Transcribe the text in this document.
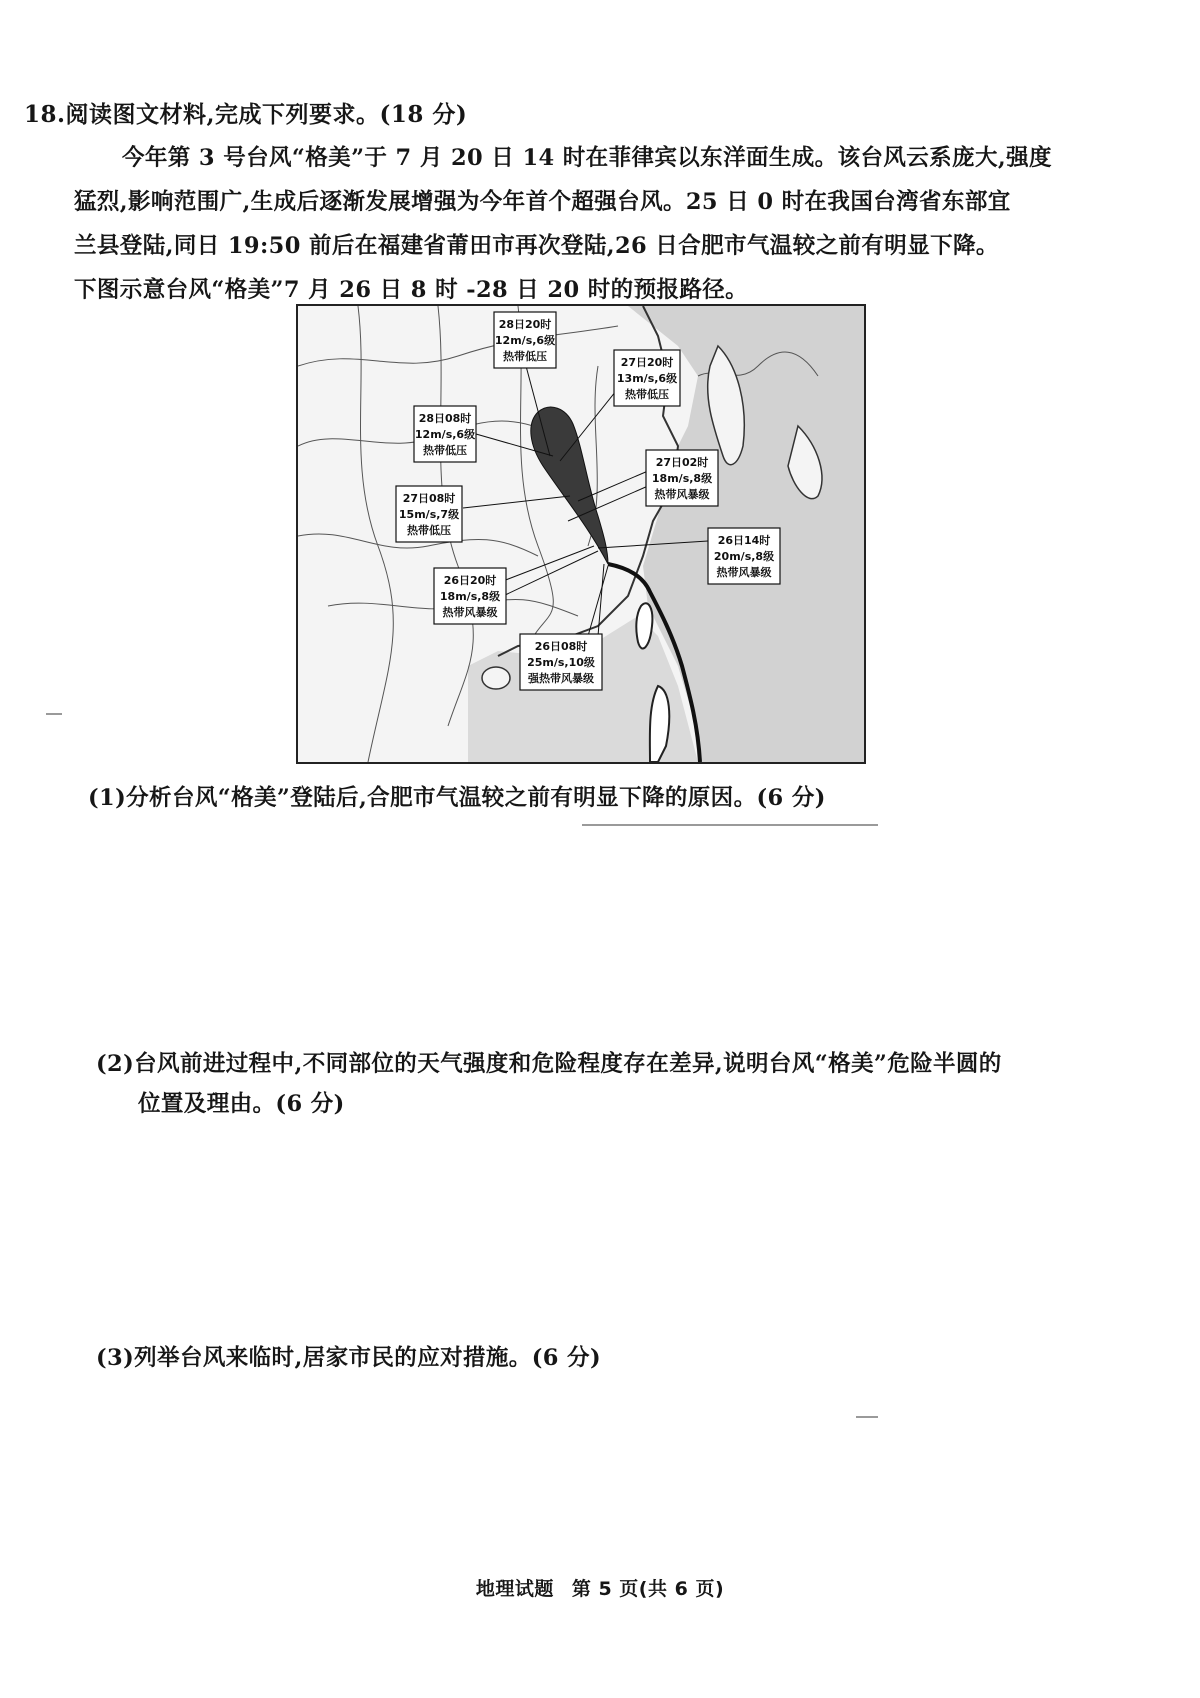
18.阅读图文材料,完成下列要求。(18 分)
今年第 3 号台风“格美”于 7 月 20 日 14 时在菲律宾以东洋面生成。该台风云系庞大,强度
猛烈,影响范围广,生成后逐渐发展增强为今年首个超强台风。25 日 0 时在我国台湾省东部宜
兰县登陆,同日 19:50 前后在福建省莆田市再次登陆,26 日合肥市气温较之前有明显下降。
下图示意台风“格美”7 月 26 日 8 时 -28 日 20 时的预报路径。
28日20时
12m/s,6级
热带低压	27日20时
13m/s,6级
热带低压
28日08时
12m/s,6级
热带低压
27日02时
18m/s,8级
热带风暴级
27日08时
15m/s,7级
热带低压
26日14时
20m/s,8级
热带风暴级
26日20时
18m/s,8级
热带风暴级
26日08时
25m/s,10级
强热带风暴级
(1)分析台风“格美”登陆后,合肥市气温较之前有明显下降的原因。(6 分)
(2)台风前进过程中,不同部位的天气强度和危险程度存在差异,说明台风“格美”危险半圆的
位置及理由。(6 分)
(3)列举台风来临时,居家市民的应对措施。(6 分)
地理试题 第 5 页(共 6 页)
